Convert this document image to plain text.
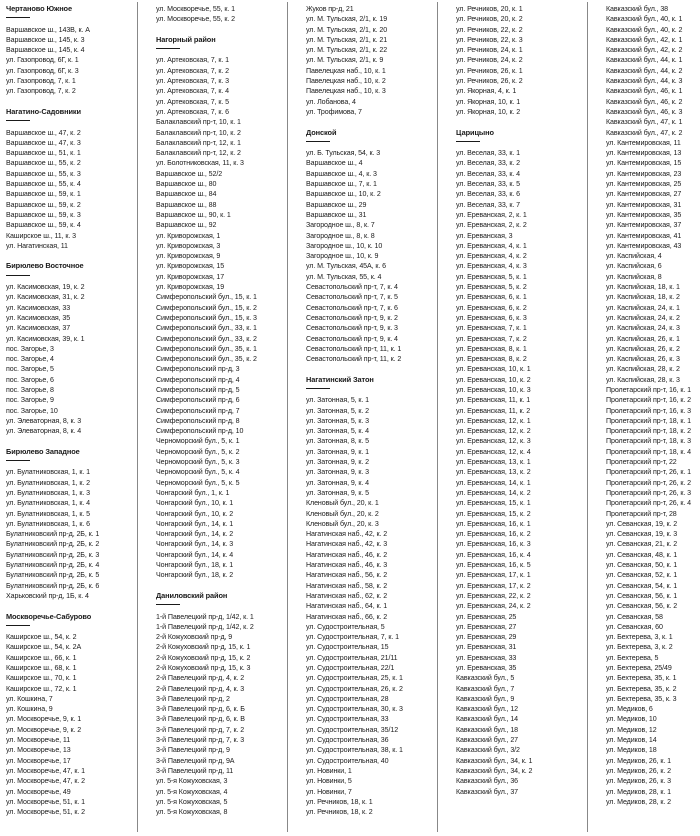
Чертаново Южное
Варшавское ш., 143В, к. А
Варшавское ш., 145, к. 3
Варшавское ш., 145, к. 4
ул. Газопровод, 6Г, к. 1
ул. Газопровод, 6Г, к. 3
ул. Газопровод, 7, к. 1
ул. Газопровод, 7, к. 2
Нагатино-Садовники
Варшавское ш., 47, к. 2
Варшавское ш., 47, к. 3
Варшавское ш., 51, к. 1
Варшавское ш., 55, к. 2
Варшавское ш., 55, к. 3
Варшавское ш., 55, к. 4
Варшавское ш., 59, к. 1
Варшавское ш., 59, к. 2
Варшавское ш., 59, к. 3
Варшавское ш., 59, к. 4
Каширское ш., 11, к. 3
ул. Нагатинская, 11
Бирюлево Восточное
ул. Касимовская, 19, к. 2
ул. Касимовская, 31, к. 2
ул. Касимовская, 33
ул. Касимовская, 35
ул. Касимовская, 37
ул. Касимовская, 39, к. 1
пос. Загорье, 3
пос. Загорье, 4
пос. Загорье, 5
пос. Загорье, 6
пос. Загорье, 8
пос. Загорье, 9
пос. Загорье, 10
ул. Элеваторная, 8, к. 3
ул. Элеваторная, 8, к. 4
Бирюлево Западное
ул. Булатниковская, 1, к. 1
ул. Булатниковская, 1, к. 2
ул. Булатниковская, 1, к. 3
ул. Булатниковская, 1, к. 4
ул. Булатниковская, 1, к. 5
ул. Булатниковская, 1, к. 6
Булатниковский пр-д, 2Б, к. 1
Булатниковский пр-д, 2Б, к. 2
Булатниковский пр-д, 2Б, к. 3
Булатниковский пр-д, 2Б, к. 4
Булатниковский пр-д, 2Б, к. 5
Булатниковский пр-д, 2Б, к. 6
Харьковский пр-д, 1Б, к. 4
Москворечье-Сабурово
Каширское ш., 54, к. 2
Каширское ш., 54, к. 2А
Каширское ш., 66, к. 1
Каширское ш., 68, к. 1
Каширское ш., 70, к. 1
Каширское ш., 72, к. 1
ул. Кошкина, 7
ул. Кошкина, 9
ул. Москворечье, 9, к. 1
ул. Москворечье, 9, к. 2
ул. Москворечье, 11
ул. Москворечье, 13
ул. Москворечье, 17
ул. Москворечье, 47, к. 1
ул. Москворечье, 47, к. 2
ул. Москворечье, 49
ул. Москворечье, 51, к. 1
ул. Москворечье, 51, к. 2
ул. Москворечье, 55, к. 1
ул. Москворечье, 55, к. 2
Нагорный район
ул. Артековская, 7, к. 1
ул. Артековская, 7, к. 2
ул. Артековская, 7, к. 3
ул. Артековская, 7, к. 4
ул. Артековская, 7, к. 5
ул. Артековская, 7, к. 6
Балаклавский пр-т, 10, к. 1
Балаклавский пр-т, 10, к. 2
Балаклавский пр-т, 12, к. 1
Балаклавский пр-т, 12, к. 2
ул. Болотниковская, 11, к. 3
Варшавское ш., 52/2
Варшавское ш., 80
Варшавское ш., 84
Варшавское ш., 88
Варшавское ш., 90, к. 1
Варшавское ш., 92
ул. Криворожская, 1
ул. Криворожская, 3
ул. Криворожская, 9
ул. Криворожская, 15
ул. Криворожская, 17
ул. Криворожская, 19
Симферопольский бул., 15, к. 1
Симферопольский бул., 15, к. 2
Симферопольский бул., 15, к. 3
Симферопольский бул., 33, к. 1
Симферопольский бул., 33, к. 2
Симферопольский бул., 35, к. 1
Симферопольский бул., 35, к. 2
Симферопольский пр-д, 3
Симферопольский пр-д, 4
Симферопольский пр-д, 5
Симферопольский пр-д, 6
Симферопольский пр-д, 7
Симферопольский пр-д, 8
Симферопольский пр-д, 10
Черноморский бул., 5, к. 1
Черноморский бул., 5, к. 2
Черноморский бул., 5, к. 3
Черноморский бул., 5, к. 4
Черноморский бул., 5, к. 5
Чонгарский бул., 1, к. 1
Чонгарский бул., 10, к. 1
Чонгарский бул., 10, к. 2
Чонгарский бул., 14, к. 1
Чонгарский бул., 14, к. 2
Чонгарский бул., 14, к. 3
Чонгарский бул., 14, к. 4
Чонгарский бул., 18, к. 1
Чонгарский бул., 18, к. 2
Даниловский район
1-й Павелецкий пр-д, 1/42, к. 1
1-й Павелецкий пр-д, 1/42, к. 2
2-й Кожуховский пр-д, 9
2-й Кожуховский пр-д, 15, к. 1
2-й Кожуховский пр-д, 15, к. 2
2-й Кожуховский пр-д, 15, к. 3
2-й Павелецкий пр-д, 4, к. 2
2-й Павелецкий пр-д, 4, к. 3
3-й Павелецкий пр-д, 2
3-й Павелецкий пр-д, 6, к. Б
3-й Павелецкий пр-д, 6, к. В
3-й Павелецкий пр-д, 7, к. 2
3-й Павелецкий пр-д, 7, к. 3
3-й Павелецкий пр-д, 9
3-й Павелецкий пр-д, 9А
3-й Павелецкий пр-д, 11
ул. 5-я Кожуховская, 3
ул. 5-я Кожуховская, 4
ул. 5-я Кожуховская, 5
ул. 5-я Кожуховская, 8
Жуков пр-д, 21
ул. М. Тульская, 2/1, к. 19
ул. М. Тульская, 2/1, к. 20
ул. М. Тульская, 2/1, к. 21
ул. М. Тульская, 2/1, к. 22
ул. М. Тульская, 2/1, к. 9
Павелецкая наб., 10, к. 1
Павелецкая наб., 10, к. 2
Павелецкая наб., 10, к. 3
ул. Лобанова, 4
ул. Трофимова, 7
Донской
ул. Б. Тульская, 54, к. 3
Варшавское ш., 4
Варшавское ш., 4, к. 3
Варшавское ш., 7, к. 1
Варшавское ш., 10, к. 2
Варшавское ш., 29
Варшавское ш., 31
Загородное ш., 8, к. 7
Загородное ш., 8, к. 8
Загородное ш., 10, к. 10
Загородное ш., 10, к. 9
ул. М. Тульская, 45А, к. 6
ул. М. Тульская, 55, к. 4
Севастопольский пр-т, 7, к. 4
Севастопольский пр-т, 7, к. 5
Севастопольский пр-т, 7, к. 6
Севастопольский пр-т, 9, к. 2
Севастопольский пр-т, 9, к. 3
Севастопольский пр-т, 9, к. 4
Севастопольский пр-т, 11, к. 1
Севастопольский пр-т, 11, к. 2
Нагатинский Затон
ул. Затонная, 5, к. 1
ул. Затонная, 5, к. 2
ул. Затонная, 5, к. 3
ул. Затонная, 5, к. 4
ул. Затонная, 8, к. 5
ул. Затонная, 9, к. 1
ул. Затонная, 9, к. 2
ул. Затонная, 9, к. 3
ул. Затонная, 9, к. 4
ул. Затонная, 9, к. 5
Кленовый бул., 20, к. 1
Кленовый бул., 20, к. 2
Кленовый бул., 20, к. 3
Нагатинская наб., 42, к. 2
Нагатинская наб., 42, к. 3
Нагатинская наб., 46, к. 2
Нагатинская наб., 46, к. 3
Нагатинская наб., 56, к. 2
Нагатинская наб., 58, к. 2
Нагатинская наб., 62, к. 2
Нагатинская наб., 64, к. 1
Нагатинская наб., 66, к. 2
ул. Судостроительная, 5
ул. Судостроительная, 7, к. 1
ул. Судостроительная, 15
ул. Судостроительная, 21/11
ул. Судостроительная, 22/1
ул. Судостроительная, 25, к. 1
ул. Судостроительная, 26, к. 2
ул. Судостроительная, 28
ул. Судостроительная, 30, к. 3
ул. Судостроительная, 33
ул. Судостроительная, 35/12
ул. Судостроительная, 36
ул. Судостроительная, 38, к. 1
ул. Судостроительная, 40
ул. Новинки, 1
ул. Новинки, 5
ул. Новинки, 7
ул. Речников, 18, к. 1
ул. Речников, 18, к. 2
ул. Речников, 20, к. 1
ул. Речников, 20, к. 2
ул. Речников, 22, к. 2
ул. Речников, 22, к. 3
ул. Речников, 24, к. 1
ул. Речников, 24, к. 2
ул. Речников, 26, к. 1
ул. Речников, 26, к. 2
ул. Якорная, 4, к. 1
ул. Якорная, 10, к. 1
ул. Якорная, 10, к. 2
Царицыно
ул. Веселая, 33, к. 1
ул. Веселая, 33, к. 2
ул. Веселая, 33, к. 4
ул. Веселая, 33, к. 5
ул. Веселая, 33, к. 6
ул. Веселая, 33, к. 7
ул. Ереванская, 2, к. 1
ул. Ереванская, 2, к. 2
ул. Ереванская, 3
ул. Ереванская, 4, к. 1
ул. Ереванская, 4, к. 2
ул. Ереванская, 4, к. 3
ул. Ереванская, 5, к. 1
ул. Ереванская, 5, к. 2
ул. Ереванская, 6, к. 1
ул. Ереванская, 6, к. 2
ул. Ереванская, 6, к. 3
ул. Ереванская, 7, к. 1
ул. Ереванская, 7, к. 2
ул. Ереванская, 8, к. 1
ул. Ереванская, 8, к. 2
ул. Ереванская, 10, к. 1
ул. Ереванская, 10, к. 2
ул. Ереванская, 10, к. 3
ул. Ереванская, 11, к. 1
ул. Ереванская, 11, к. 2
ул. Ереванская, 12, к. 1
ул. Ереванская, 12, к. 2
ул. Ереванская, 12, к. 3
ул. Ереванская, 12, к. 4
ул. Ереванская, 13, к. 1
ул. Ереванская, 13, к. 2
ул. Ереванская, 14, к. 1
ул. Ереванская, 14, к. 2
ул. Ереванская, 15, к. 1
ул. Ереванская, 15, к. 2
ул. Ереванская, 16, к. 1
ул. Ереванская, 16, к. 2
ул. Ереванская, 16, к. 3
ул. Ереванская, 16, к. 4
ул. Ереванская, 16, к. 5
ул. Ереванская, 17, к. 1
ул. Ереванская, 17, к. 2
ул. Ереванская, 22, к. 2
ул. Ереванская, 24, к. 2
ул. Ереванская, 25
ул. Ереванская, 27
ул. Ереванская, 29
ул. Ереванская, 31
ул. Ереванская, 33
ул. Ереванская, 35
Кавказский бул., 5
Кавказский бул., 7
Кавказский бул., 9
Кавказский бул., 12
Кавказский бул., 14
Кавказский бул., 18
Кавказский бул., 27
Кавказский бул., 3/2
Кавказский бул., 34, к. 1
Кавказский бул., 34, к. 2
Кавказский бул., 36
Кавказский бул., 37
Кавказский бул., 38
Кавказский бул., 40, к. 1
Кавказский бул., 40, к. 2
Кавказский бул., 42, к. 1
Кавказский бул., 42, к. 2
Кавказский бул., 44, к. 1
Кавказский бул., 44, к. 2
Кавказский бул., 44, к. 3
Кавказский бул., 46, к. 1
Кавказский бул., 46, к. 2
Кавказский бул., 46, к. 3
Кавказский бул., 47, к. 1
Кавказский бул., 47, к. 2
ул. Кантемировская, 11
ул. Кантемировская, 13
ул. Кантемировская, 15
ул. Кантемировская, 23
ул. Кантемировская, 25
ул. Кантемировская, 27
ул. Кантемировская, 31
ул. Кантемировская, 35
ул. Кантемировская, 37
ул. Кантемировская, 41
ул. Кантемировская, 43
ул. Каспийская, 4
ул. Каспийская, 6
ул. Каспийская, 8
ул. Каспийская, 18, к. 1
ул. Каспийская, 18, к. 2
ул. Каспийская, 24, к. 1
ул. Каспийская, 24, к. 2
ул. Каспийская, 24, к. 3
ул. Каспийская, 26, к. 1
ул. Каспийская, 26, к. 2
ул. Каспийская, 26, к. 3
ул. Каспийская, 28, к. 2
ул. Каспийская, 28, к. 3
Пролетарский пр-т, 16, к. 1
Пролетарский пр-т, 16, к. 2
Пролетарский пр-т, 16, к. 3
Пролетарский пр-т, 18, к. 1
Пролетарский пр-т, 18, к. 2
Пролетарский пр-т, 18, к. 3
Пролетарский пр-т, 18, к. 4
Пролетарский пр-т, 22
Пролетарский пр-т, 26, к. 1
Пролетарский пр-т, 26, к. 2
Пролетарский пр-т, 26, к. 3
Пролетарский пр-т, 26, к. 4
Пролетарский пр-т, 28
ул. Севанская, 19, к. 2
ул. Севанская, 19, к. 3
ул. Севанская, 21, к. 2
ул. Севанская, 48, к. 1
ул. Севанская, 50, к. 1
ул. Севанская, 52, к. 1
ул. Севанская, 54, к. 1
ул. Севанская, 56, к. 1
ул. Севанская, 56, к. 2
ул. Севанская, 58
ул. Севанская, 60
ул. Бехтерева, 3, к. 1
ул. Бехтерева, 3, к. 2
ул. Бехтерева, 5
ул. Бехтерева, 25/49
ул. Бехтерева, 35, к. 1
ул. Бехтерева, 35, к. 2
ул. Бехтерева, 35, к. 3
ул. Медиков, 6
ул. Медиков, 10
ул. Медиков, 12
ул. Медиков, 14
ул. Медиков, 18
ул. Медиков, 26, к. 1
ул. Медиков, 26, к. 2
ул. Медиков, 26, к. 3
ул. Медиков, 28, к. 1
ул. Медиков, 28, к. 2
